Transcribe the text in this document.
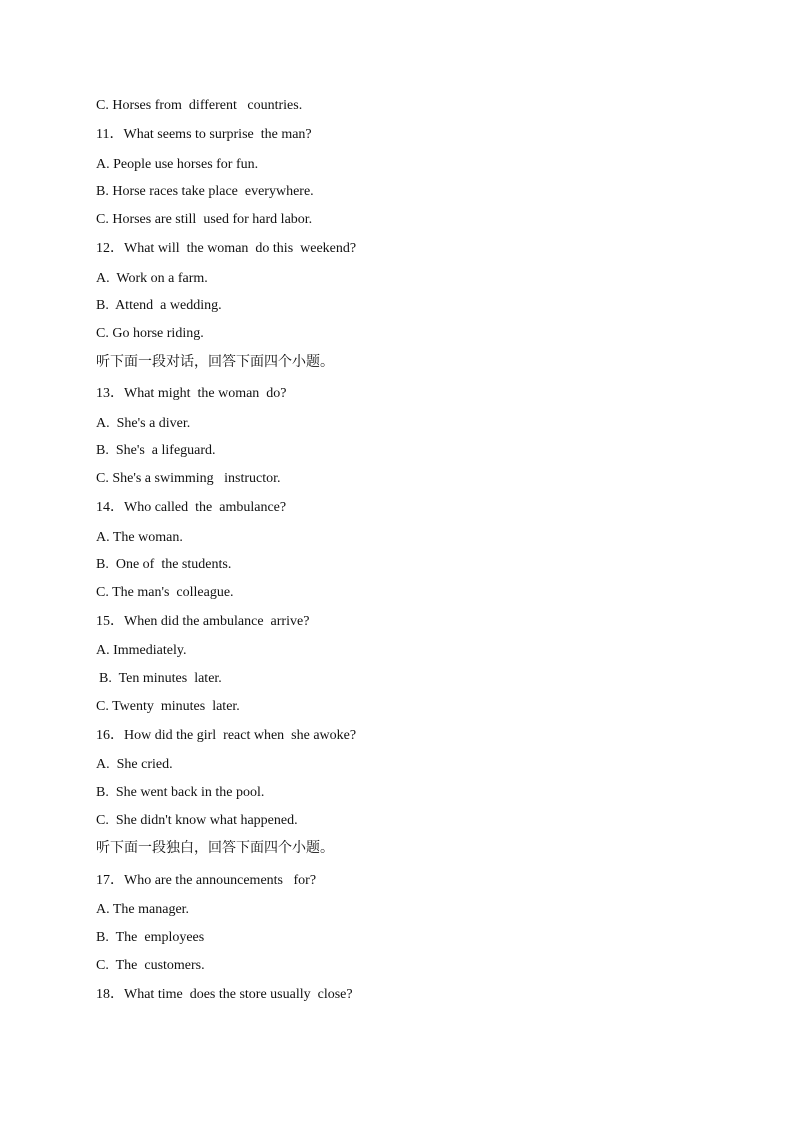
C. Horses from  different   countries.
11．What seems to surprise  the man?
A. People use horses for fun.
B. Horse races take place  everywhere.
C. Horses are still  used for hard labor.
12．What will  the woman  do this  weekend?
A.  Work on a farm.
B.  Attend  a wedding.
C. Go horse riding.
听下面一段对话，回答下面四个小题。
13．What might  the woman  do?
A.  She's a diver.
B.  She's  a lifeguard.
C. She's a swimming   instructor.
14．Who called  the  ambulance?
A. The woman.
B.  One of  the students.
C. The man's  colleague.
15．When did the ambulance  arrive?
A. Immediately.
B.  Ten minutes  later.
C. Twenty  minutes  later.
16．How did the girl  react when  she awoke?
A.  She cried.
B.  She went back in the pool.
C.  She didn't know what happened.
听下面一段独白，回答下面四个小题。
17．Who are the announcements   for?
A. The manager.
B.  The  employees
C.  The  customers.
18．What time  does the store usually  close?
